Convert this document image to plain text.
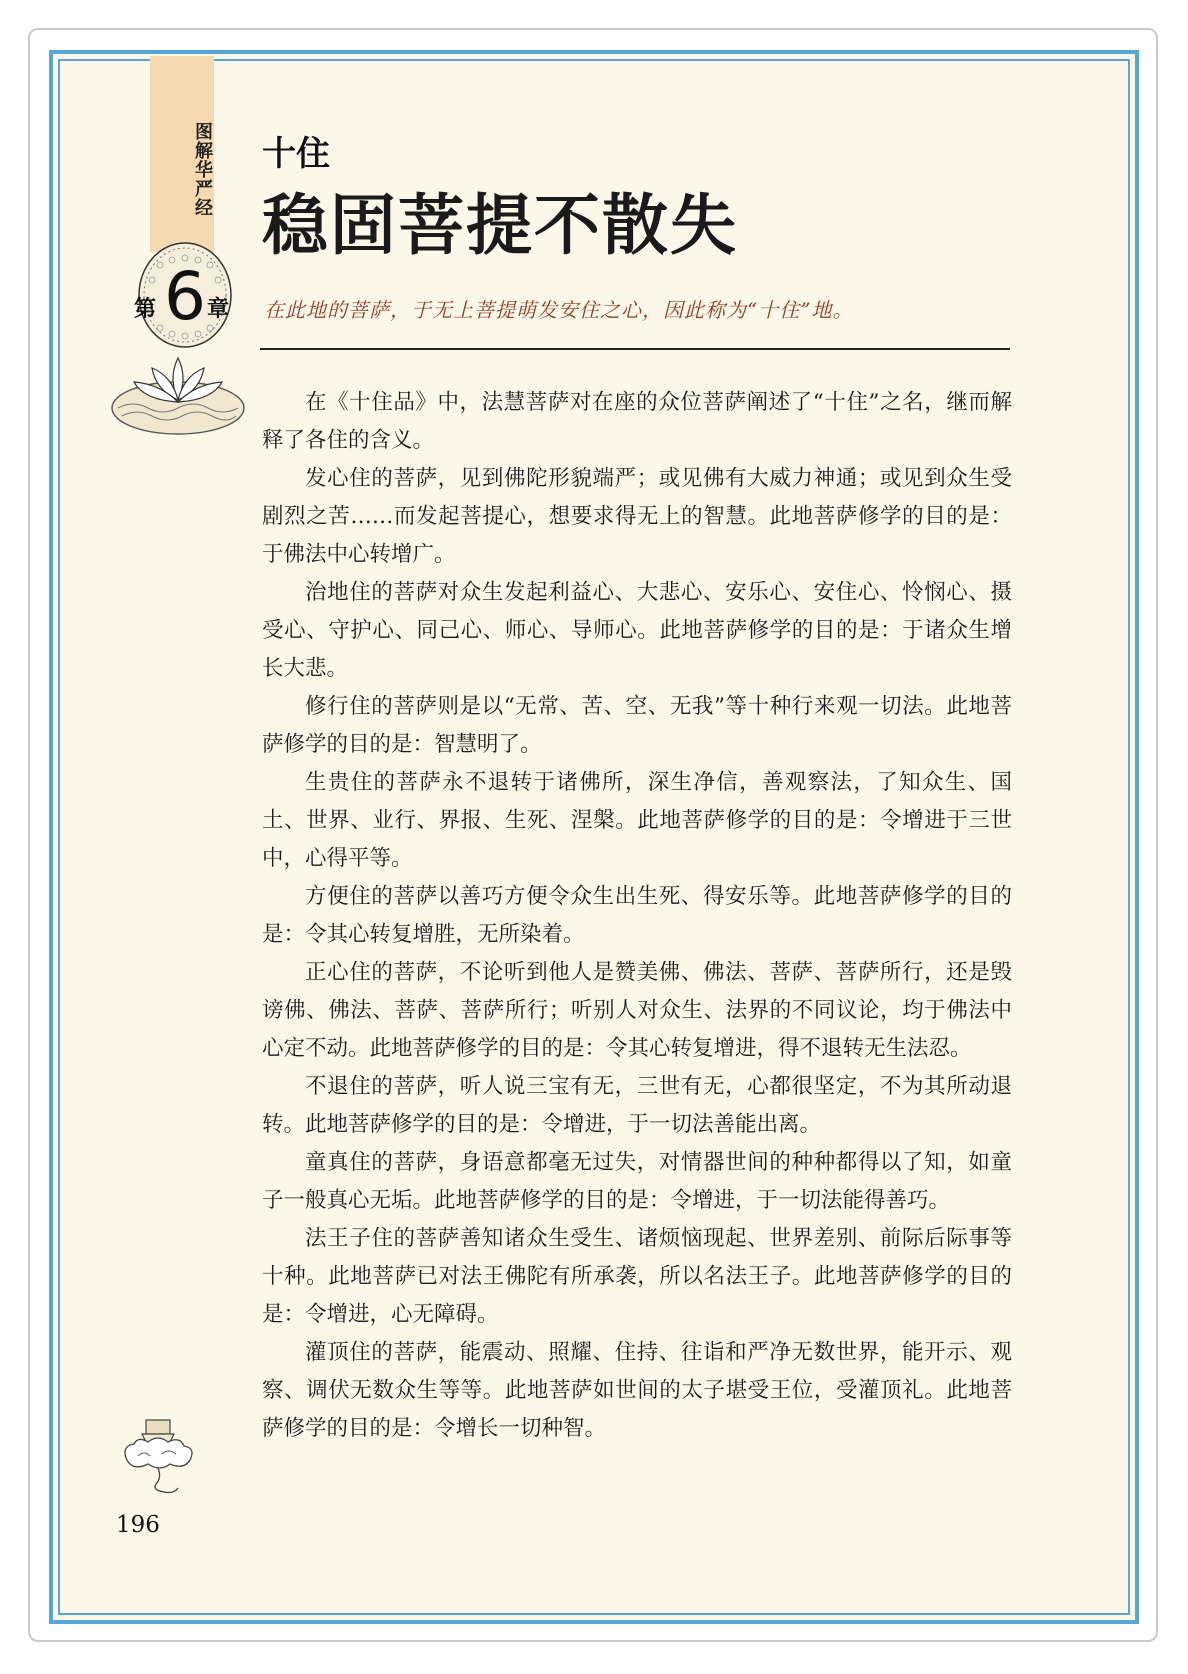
图解华严经
第 6 章
十住
稳固菩提不散失
在此地的菩萨，于无上菩提萌发安住之心，因此称为“十住”地。

在《十住品》中，法慧菩萨对在座的众位菩萨阐述了“十住”之名，继而解释了各住的含义。

发心住的菩萨，见到佛陀形貌端严；或见佛有大威力神通；或见到众生受剧烈之苦……而发起菩提心，想要求得无上的智慧。此地菩萨修学的目的是：于佛法中心转增广。

治地住的菩萨对众生发起利益心、大悲心、安乐心、安住心、怜悯心、摄受心、守护心、同己心、师心、导师心。此地菩萨修学的目的是：于诸众生增长大悲。

修行住的菩萨则是以“无常、苦、空、无我”等十种行来观一切法。此地菩萨修学的目的是：智慧明了。

生贵住的菩萨永不退转于诸佛所，深生净信，善观察法，了知众生、国土、世界、业行、界报、生死、涅槃。此地菩萨修学的目的是：令增进于三世中，心得平等。

方便住的菩萨以善巧方便令众生出生死、得安乐等。此地菩萨修学的目的是：令其心转复增胜，无所染着。

正心住的菩萨，不论听到他人是赞美佛、佛法、菩萨、菩萨所行，还是毁谤佛、佛法、菩萨、菩萨所行；听别人对众生、法界的不同议论，均于佛法中心定不动。此地菩萨修学的目的是：令其心转复增进，得不退转无生法忍。

不退住的菩萨，听人说三宝有无，三世有无，心都很坚定，不为其所动退转。此地菩萨修学的目的是：令增进，于一切法善能出离。

童真住的菩萨，身语意都毫无过失，对情器世间的种种都得以了知，如童子一般真心无垢。此地菩萨修学的目的是：令增进，于一切法能得善巧。

法王子住的菩萨善知诸众生受生、诸烦恼现起、世界差别、前际后际事等十种。此地菩萨已对法王佛陀有所承袭，所以名法王子。此地菩萨修学的目的是：令增进，心无障碍。

灌顶住的菩萨，能震动、照耀、住持、往诣和严净无数世界，能开示、观察、调伏无数众生等等。此地菩萨如世间的太子堪受王位，受灌顶礼。此地菩萨修学的目的是：令增长一切种智。

196
